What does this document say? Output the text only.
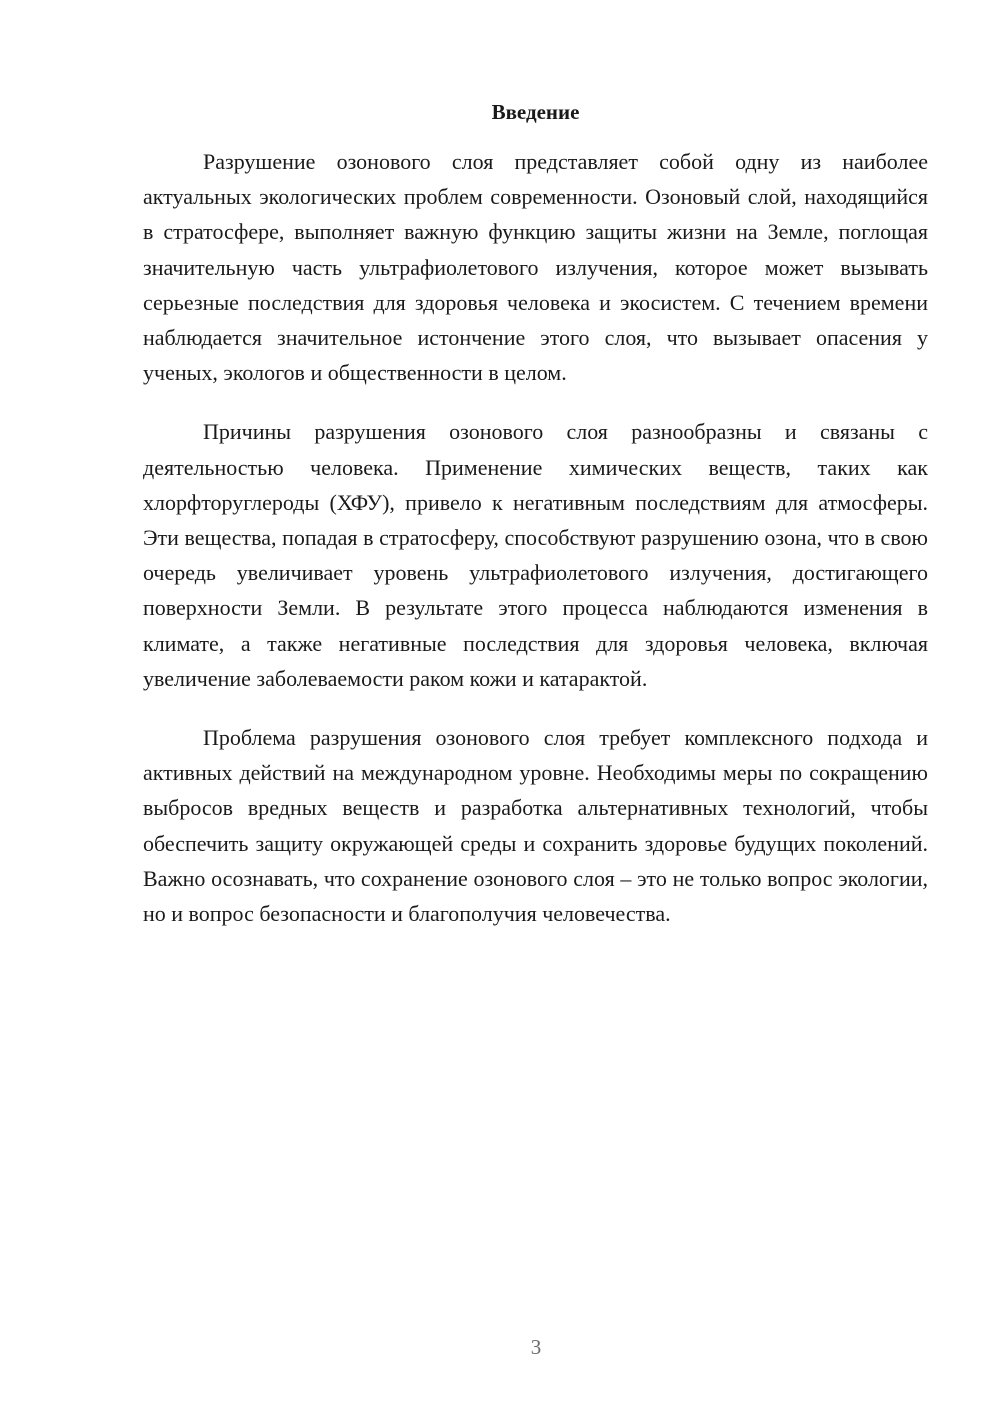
Введение

Разрушение озонового слоя представляет собой одну из наиболее актуальных экологических проблем современности. Озоновый слой, находящийся в стратосфере, выполняет важную функцию защиты жизни на Земле, поглощая значительную часть ультрафиолетового излучения, которое может вызывать серьезные последствия для здоровья человека и экосистем. С течением времени наблюдается значительное истончение этого слоя, что вызывает опасения у ученых, экологов и общественности в целом.

Причины разрушения озонового слоя разнообразны и связаны с деятельностью человека. Применение химических веществ, таких как хлорфторуглероды (ХФУ), привело к негативным последствиям для атмосферы. Эти вещества, попадая в стратосферу, способствуют разрушению озона, что в свою очередь увеличивает уровень ультрафиолетового излучения, достигающего поверхности Земли. В результате этого процесса наблюдаются изменения в климате, а также негативные последствия для здоровья человека, включая увеличение заболеваемости раком кожи и катарактой.

Проблема разрушения озонового слоя требует комплексного подхода и активных действий на международном уровне. Необходимы меры по сокращению выбросов вредных веществ и разработка альтернативных технологий, чтобы обеспечить защиту окружающей среды и сохранить здоровье будущих поколений. Важно осознавать, что сохранение озонового слоя – это не только вопрос экологии, но и вопрос безопасности и благополучия человечества.

3
